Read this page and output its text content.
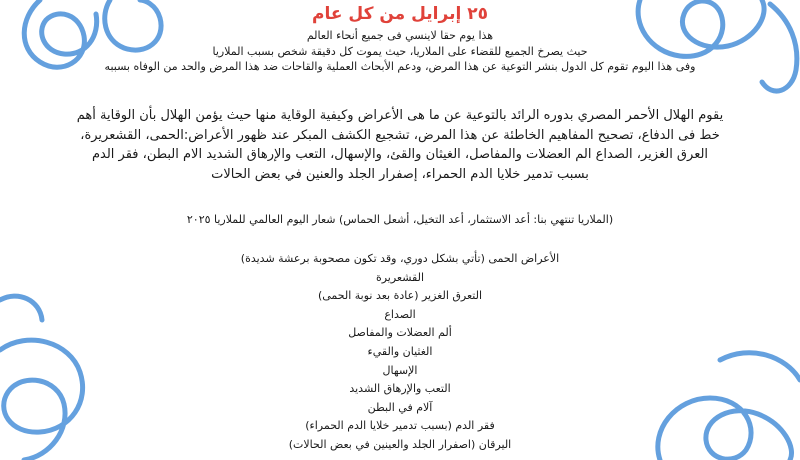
٢٥ إبرايل من كل عام
هذا يوم حقا لاينسي فى جميع أنحاء العالم
حيث يصرخ الجميع للقضاء على الملاريا، حيث يموت كل دقيقة شخص بسبب الملاريا
وفى هذا اليوم تقوم كل الدول بنشر التوعية عن هذا المرض، ودعم الأبحاث العملية والقاحات ضد هذا المرض والحد من الوفاه بسببه
يقوم الهلال الأحمر المصري بدوره الرائد بالتوعية عن ما هى الأعراض وكيفية الوقاية منها حيث يؤمن الهلال بأن الوقاية أهم
خط فى الدفاع، تصحيح المفاهيم الخاطئة عن هذا المرض، تشجيع الكشف المبكر عند ظهور الأعراض:الحمى، القشعريرة،
العرق الغزير، الصداع الم العضلات والمفاصل، الغيثان والقئ، والإسهال، التعب والإرهاق الشديد الام البطن، فقر الدم
بسبب تدمير خلايا الدم الحمراء، إصفرار الجلد والعنين في بعض الحالات
(الملاريا تنتهي بنا: أعد الاستثمار، أعد التخيل، أشعل الحماس) شعار اليوم العالمي للملاريا ٢٠٢٥
الأعراض الحمى (تأتي بشكل دوري، وقد تكون مصحوبة برعشة شديدة)
القشعريرة
التعرق الغزير (عادة بعد نوبة الحمى)
الصداع
ألم العضلات والمفاصل
الغثيان والقيء
الإسهال
التعب والإرهاق الشديد
آلام في البطن
فقر الدم (بسبب تدمير خلايا الدم الحمراء)
اليرقان (اصفرار الجلد والعينين في بعض الحالات)
